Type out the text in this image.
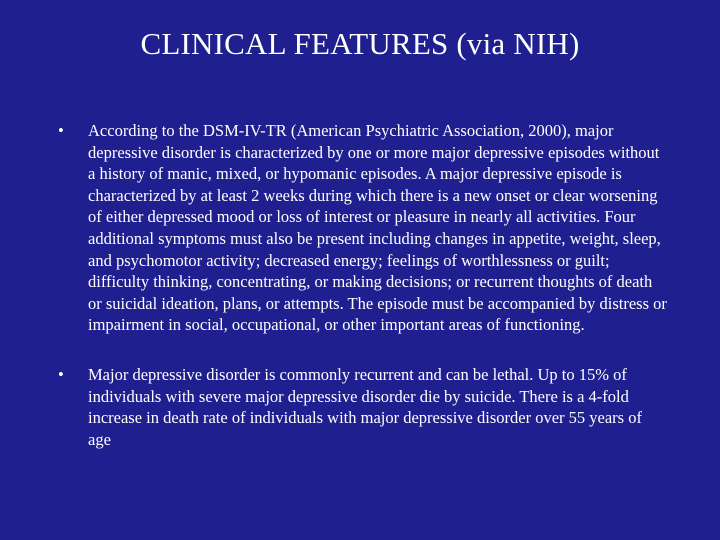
CLINICAL FEATURES (via NIH)
•	According to the DSM-IV-TR (American Psychiatric Association, 2000), major depressive disorder is characterized by one or more major depressive episodes without a history of manic, mixed, or hypomanic episodes. A major depressive episode is characterized by at least 2 weeks during which there is a new onset or clear worsening of either depressed mood or loss of interest or pleasure in nearly all activities. Four additional symptoms must also be present including changes in appetite, weight, sleep, and psychomotor activity; decreased energy; feelings of worthlessness or guilt; difficulty thinking, concentrating, or making decisions; or recurrent thoughts of death or suicidal ideation, plans, or attempts. The episode must be accompanied by distress or impairment in social, occupational, or other important areas of functioning.
•	Major depressive disorder is commonly recurrent and can be lethal. Up to 15% of individuals with severe major depressive disorder die by suicide. There is a 4-fold increase in death rate of individuals with major depressive disorder over 55 years of age
